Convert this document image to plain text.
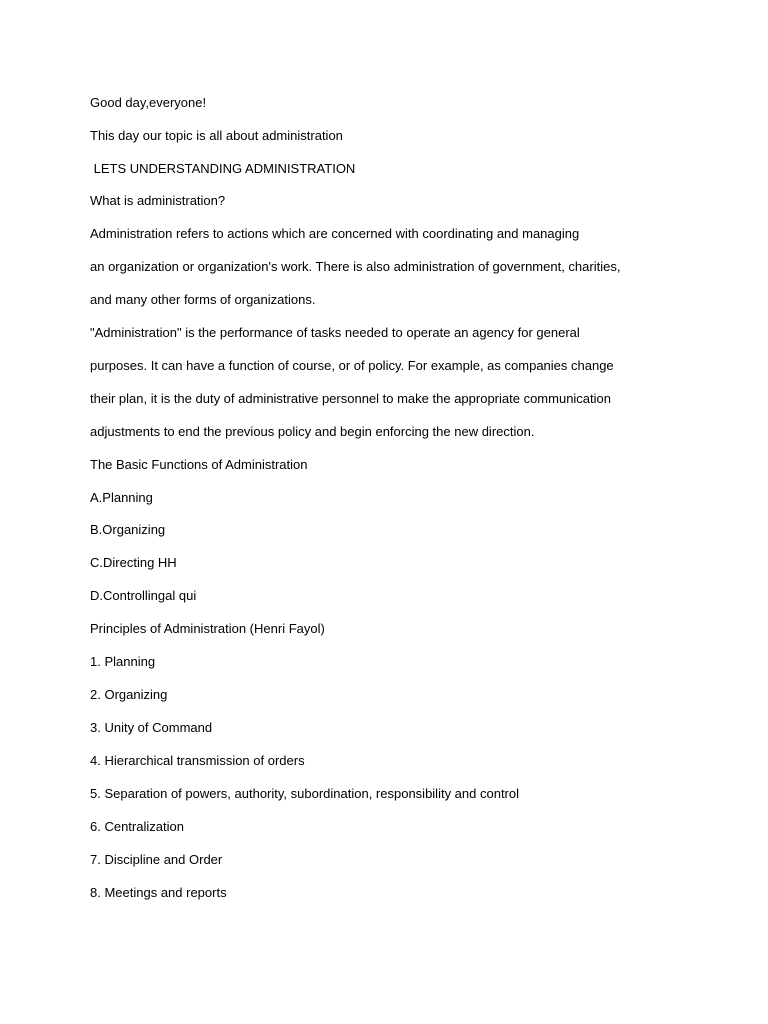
Good day,everyone!

This day our topic is all about administration

LETS UNDERSTANDING ADMINISTRATION

What is administration?

Administration refers to actions which are concerned with coordinating and managing

an organization or organization's work. There is also administration of government, charities,

and many other forms of organizations.

"Administration" is the performance of tasks needed to operate an agency for general

purposes. It can have a function of course, or of policy. For example, as companies change

their plan, it is the duty of administrative personnel to make the appropriate communication

adjustments to end the previous policy and begin enforcing the new direction.

The Basic Functions of Administration

A.Planning

B.Organizing

C.Directing HH

D.Controllingal qui

Principles of Administration (Henri Fayol)

1. Planning

2. Organizing

3. Unity of Command

4. Hierarchical transmission of orders

5. Separation of powers, authority, subordination, responsibility and control

6. Centralization

7. Discipline and Order

8. Meetings and reports
